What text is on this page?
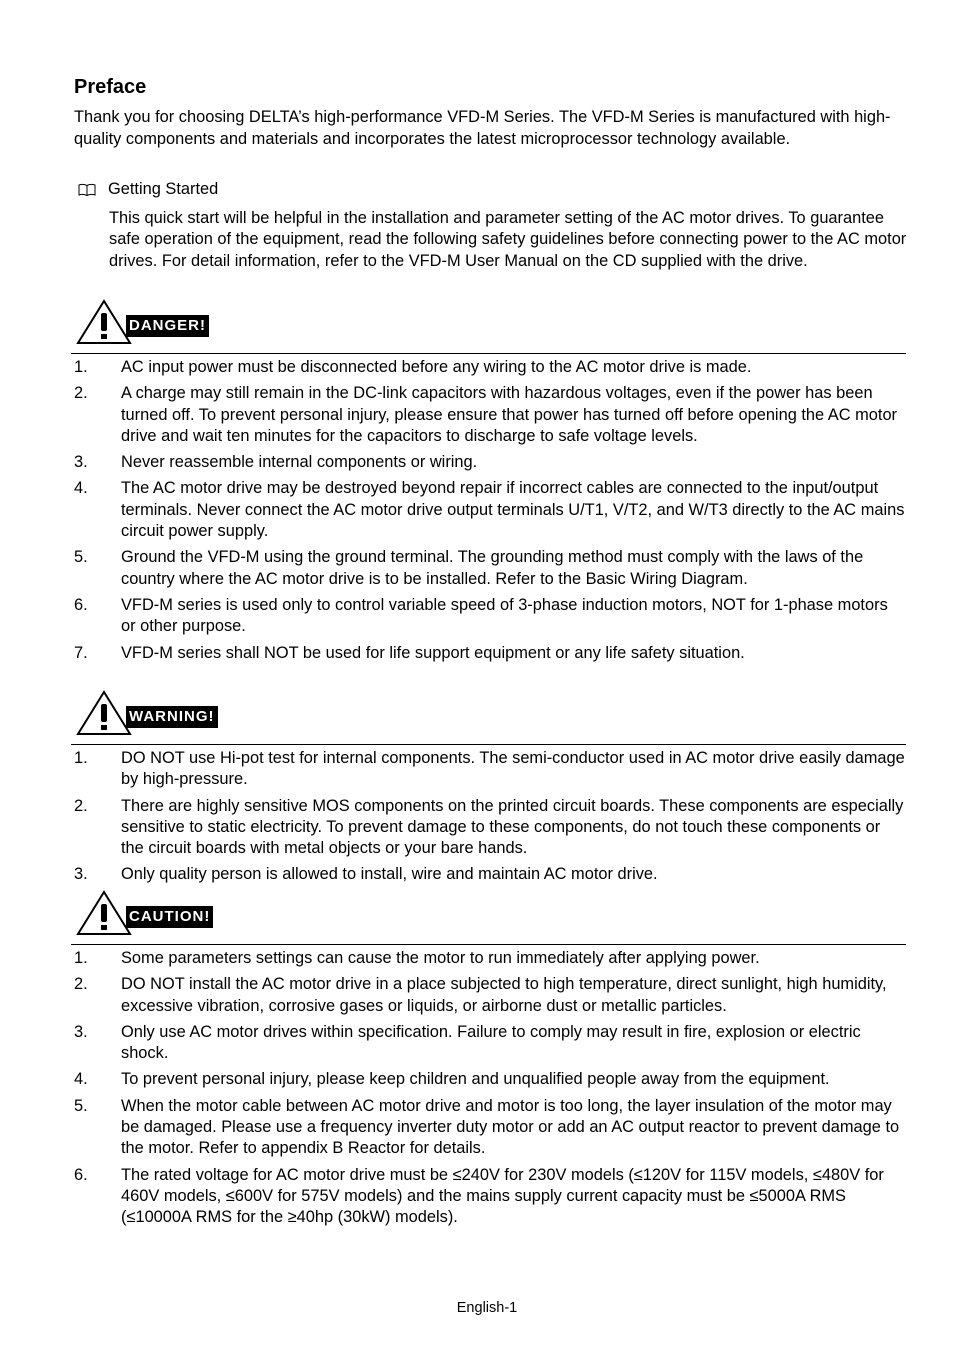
Preface
Thank you for choosing DELTA’s high-performance VFD-M Series. The VFD-M Series is manufactured with high-quality components and materials and incorporates the latest microprocessor technology available.
Getting Started
This quick start will be helpful in the installation and parameter setting of the AC motor drives. To guarantee safe operation of the equipment, read the following safety guidelines before connecting power to the AC motor drives. For detail information, refer to the VFD-M User Manual on the CD supplied with the drive.
DANGER!
1.	AC input power must be disconnected before any wiring to the AC motor drive is made.
2.	A charge may still remain in the DC-link capacitors with hazardous voltages, even if the power has been turned off. To prevent personal injury, please ensure that power has turned off before opening the AC motor drive and wait ten minutes for the capacitors to discharge to safe voltage levels.
3.	Never reassemble internal components or wiring.
4.	The AC motor drive may be destroyed beyond repair if incorrect cables are connected to the input/output terminals. Never connect the AC motor drive output terminals U/T1, V/T2, and W/T3 directly to the AC mains circuit power supply.
5.	Ground the VFD-M using the ground terminal. The grounding method must comply with the laws of the country where the AC motor drive is to be installed. Refer to the Basic Wiring Diagram.
6.	VFD-M series is used only to control variable speed of 3-phase induction motors, NOT for 1-phase motors or other purpose.
7.	VFD-M series shall NOT be used for life support equipment or any life safety situation.
WARNING!
1.	DO NOT use Hi-pot test for internal components. The semi-conductor used in AC motor drive easily damage by high-pressure.
2.	There are highly sensitive MOS components on the printed circuit boards. These components are especially sensitive to static electricity. To prevent damage to these components, do not touch these components or the circuit boards with metal objects or your bare hands.
3.	Only quality person is allowed to install, wire and maintain AC motor drive.
CAUTION!
1.	Some parameters settings can cause the motor to run immediately after applying power.
2.	DO NOT install the AC motor drive in a place subjected to high temperature, direct sunlight, high humidity, excessive vibration, corrosive gases or liquids, or airborne dust or metallic particles.
3.	Only use AC motor drives within specification. Failure to comply may result in fire, explosion or electric shock.
4.	To prevent personal injury, please keep children and unqualified people away from the equipment.
5.	When the motor cable between AC motor drive and motor is too long, the layer insulation of the motor may be damaged. Please use a frequency inverter duty motor or add an AC output reactor to prevent damage to the motor. Refer to appendix B Reactor for details.
6.	The rated voltage for AC motor drive must be ≤240V for 230V models (≤120V for 115V models, ≤480V for 460V models, ≤600V for 575V models) and the mains supply current capacity must be ≤5000A RMS (≤10000A RMS for the ≥40hp (30kW) models).
English-1
